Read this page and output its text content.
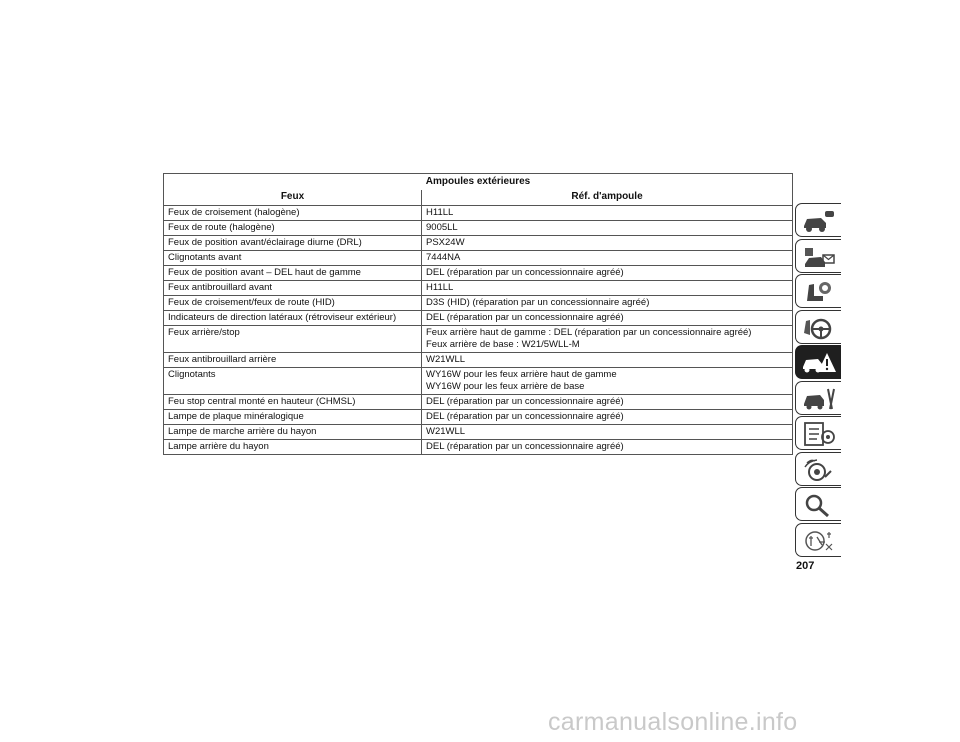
Ampoules extérieures	
Feux	Réf. d'ampoule
Feux de croisement (halogène)	H11LL

Feux de route (halogène)	9005LL

Feux de position avant/éclairage diurne (DRL)	PSX24W

Clignotants avant	7444NA

Feux de position avant – DEL haut de gamme	DEL (réparation par un concessionnaire agréé)

Feux antibrouillard avant	H11LL

Feux de croisement/feux de route (HID)	D3S (HID) (réparation par un concessionnaire agréé)

Indicateurs de direction latéraux (rétroviseur extérieur)	DEL (réparation par un concessionnaire agréé)

Feux arrière/stop	Feux arrière haut de gamme : DEL (réparation par un concessionnaire agréé)
Feux arrière de base : W21/5WLL-M

Feux antibrouillard arrière	W21WLL

Clignotants	WY16W pour les feux arrière haut de gamme
WY16W pour les feux arrière de base

Feu stop central monté en hauteur (CHMSL)	DEL (réparation par un concessionnaire agréé)

Lampe de plaque minéralogique	DEL (réparation par un concessionnaire agréé)

Lampe de marche arrière du hayon	W21WLL

Lampe arrière du hayon	DEL (réparation par un concessionnaire agréé)
207
carmanualsonline.info
